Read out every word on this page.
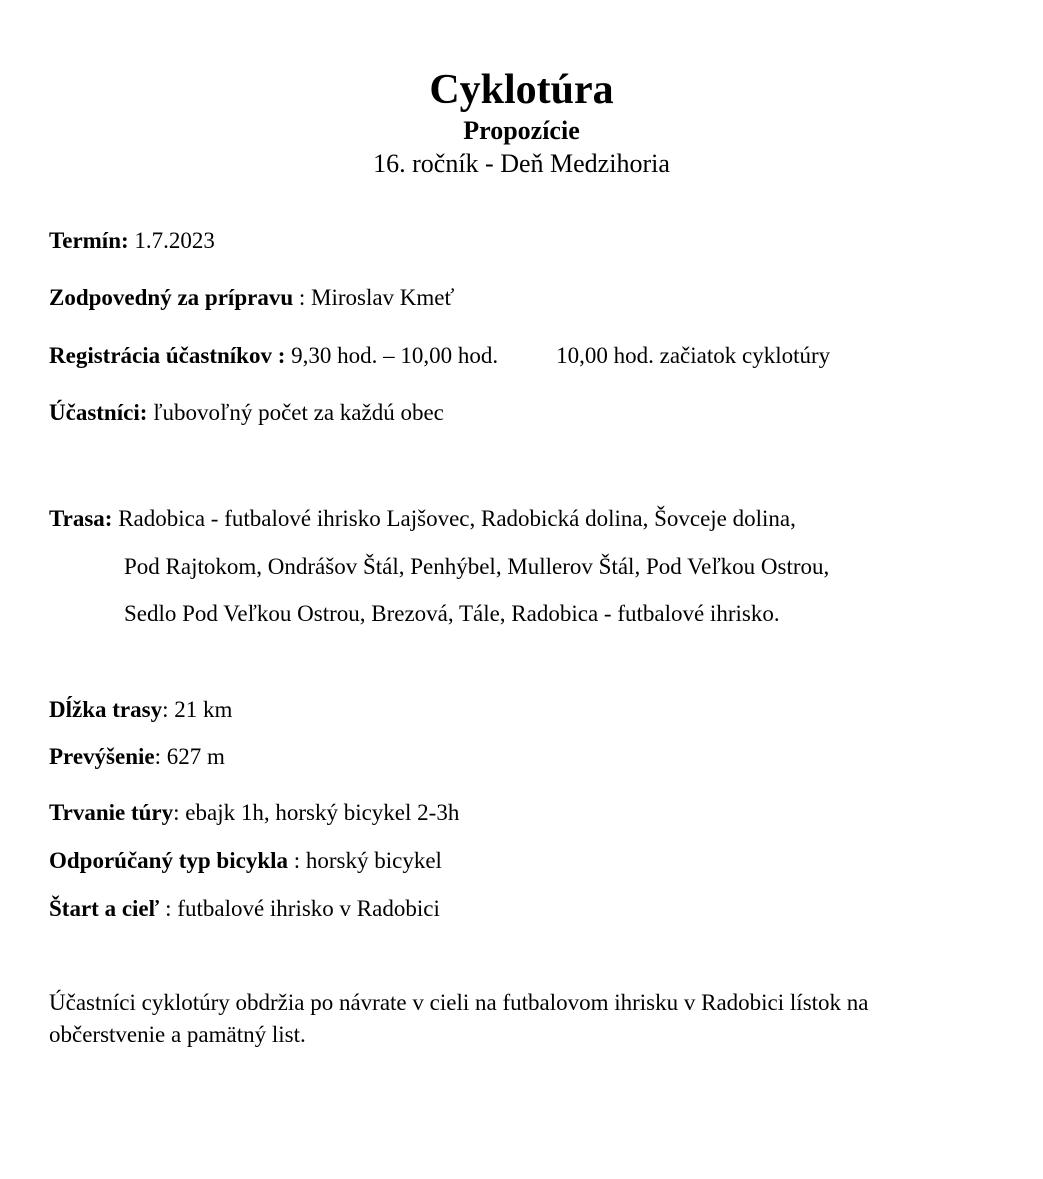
Cyklotúra
Propozície
16. ročník - Deň Medzihoria
Termín: 1.7.2023
Zodpovedný za prípravu : Miroslav Kmeť
Registrácia účastníkov : 9,30 hod. – 10,00 hod.	10,00 hod. začiatok cyklotúry
Účastníci: ľubovoľný počet za každú obec
Trasa: Radobica - futbalové ihrisko Lajšovec, Radobická dolina, Šovceje dolina,
Pod Rajtokom, Ondrášov Štál, Penhýbel, Mullerov Štál, Pod Veľkou Ostrou,
Sedlo Pod Veľkou Ostrou, Brezová, Tále, Radobica - futbalové ihrisko.
Dĺžka trasy: 21 km
Prevýšenie: 627 m
Trvanie túry: ebajk 1h, horský bicykel 2-3h
Odporúčaný typ bicykla : horský bicykel
Štart a cieľ : futbalové ihrisko v Radobici
Účastníci cyklotúry obdržia po návrate v cieli na futbalovom ihrisku v Radobici lístok na
občerstvenie a pamätný list.
